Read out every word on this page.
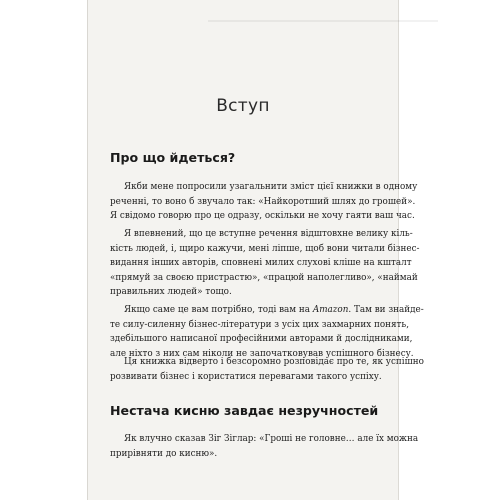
Вступ
Про що йдеться?
Якби мене попросили узагальнити зміст цієї книжки в одному
реченні, то воно б звучало так: «Найкоротший шлях до грошей».
Я свідомо говорю про це одразу, оскільки не хочу гаяти ваш час.
Я впевнений, що це вступне речення відштовхне велику кіль-
кість людей, і, щиро кажучи, мені ліпше, щоб вони читали бізнес-
видання інших авторів, сповнені милих слухові кліше на кшталт
«прямуй за своєю пристрастю», «працюй наполегливо», «наймай
правильних людей» тощо.
Якщо саме це вам потрібно, тоді вам на Amazon. Там ви знайде-
те силу-силенну бізнес-літератури з усіх цих захмарних понять,
здебільшого написаної професійними авторами й дослідниками,
але ніхто з них сам ніколи не започатковував успішного бізнесу.
Ця книжка відверто і безсоромно розповідає про те, як успішно
розвивати бізнес і користатися перевагами такого успіху.
Нестача кисню завдає незручностей
Як влучно сказав Зіг Зіглар: «Гроші не головне… але їх можна
прирівняти до кисню».
